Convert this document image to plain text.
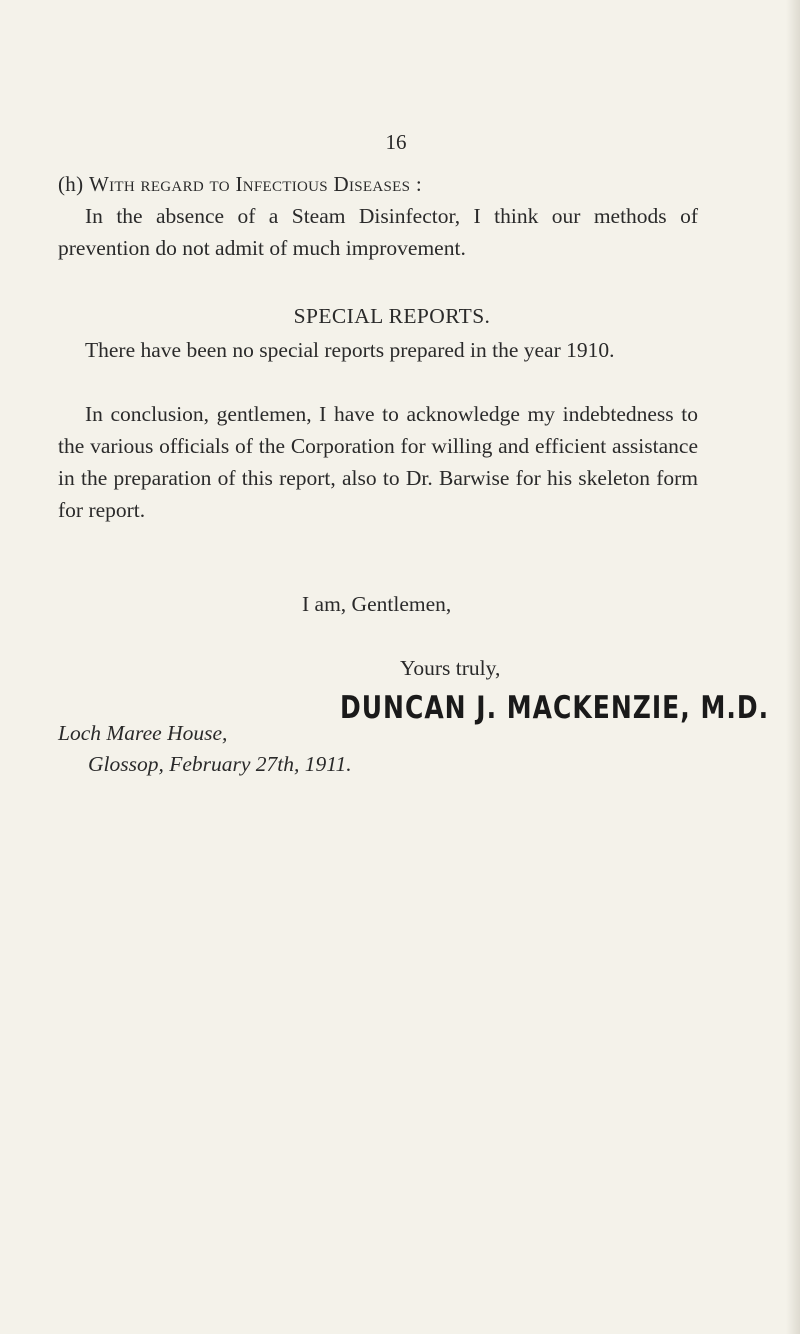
16

(h) With regard to Infectious Diseases :

In the absence of a Steam Disinfector, I think our methods of prevention do not admit of much improvement.

SPECIAL REPORTS.

There have been no special reports prepared in the year 1910.

In conclusion, gentlemen, I have to acknowledge my indebtedness to the various officials of the Corporation for willing and efficient assistance in the preparation of this report, also to Dr. Barwise for his skeleton form for report.

I am, Gentlemen,
Yours truly,
DUNCAN J. MACKENZIE, M.D.
Loch Maree House,
Glossop, February 27th, 1911.
